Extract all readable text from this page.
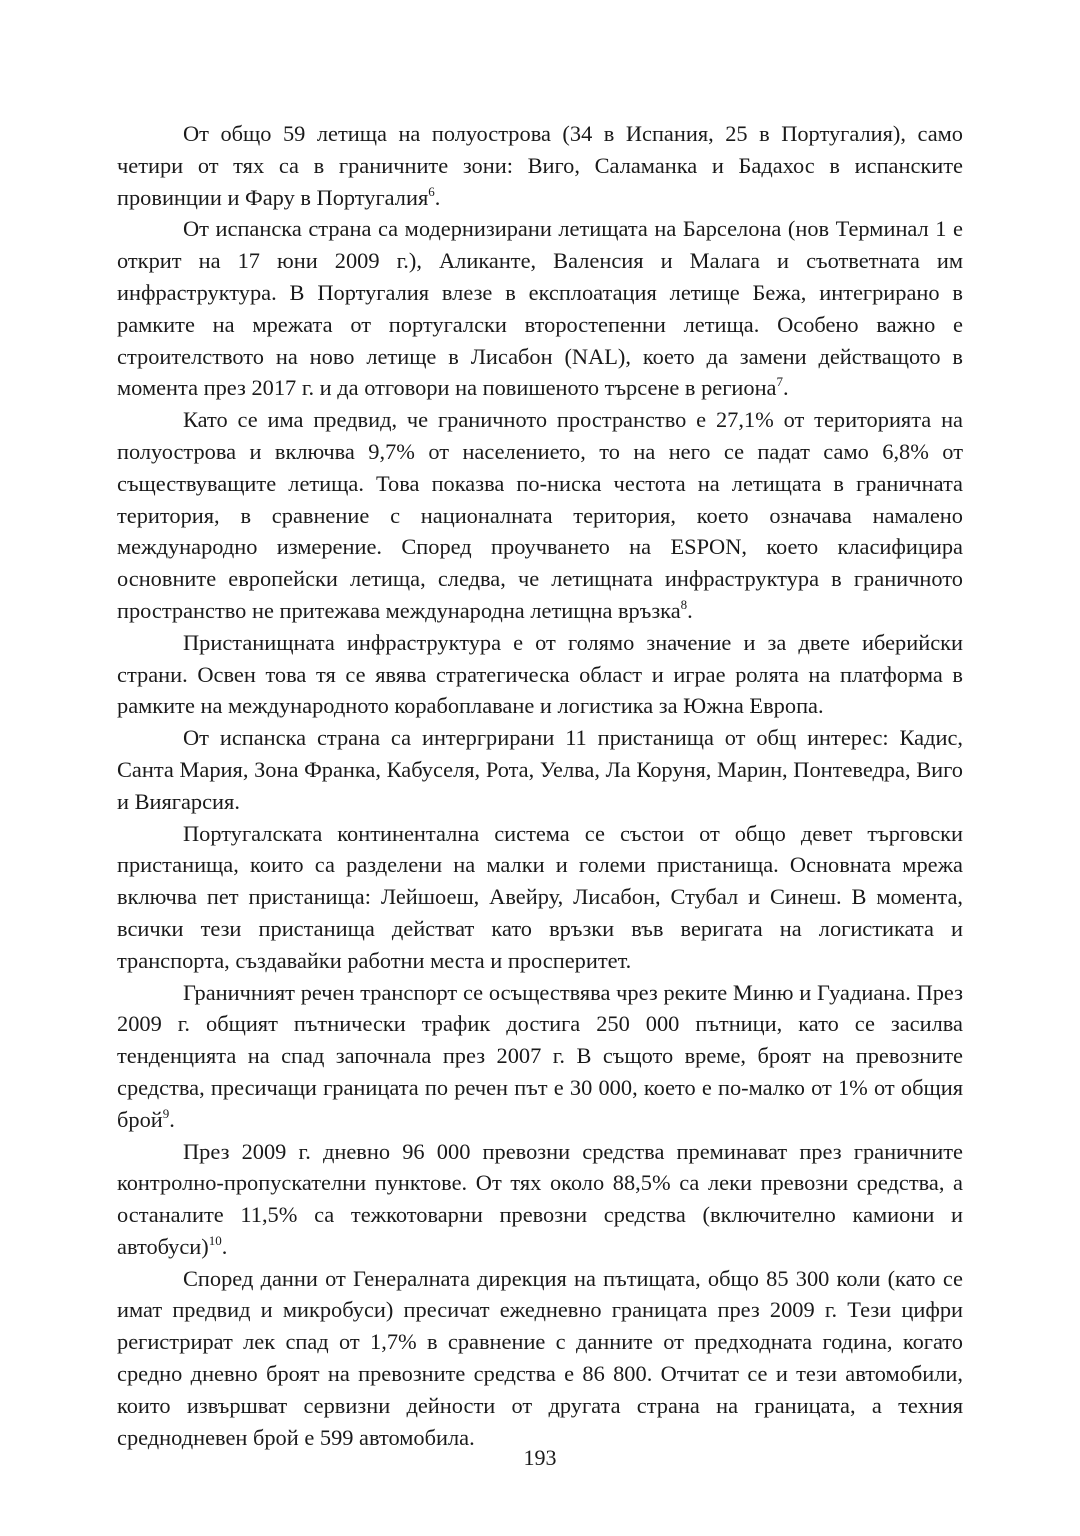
От общо 59 летища на полуострова (34 в Испания, 25 в Португалия), само четири от тях са в граничните зони: Виго, Саламанка и Бадахос в испанските провинции и Фару в Португалия$^6$.

От испанска страна са модернизирани летищата на Барселона (нов Терминал 1 е открит на 17 юни 2009 г.), Аликанте, Валенсия и Малага и съответната им инфраструктура. В Португалия влезе в експлоатация летище Бежа, интегрирано в рамките на мрежата от португалски второстепенни летища. Особено важно е строителството на ново летище в Лисабон (NAL), което да замени действащото в момента през 2017 г. и да отговори на повишеното търсене в региона$^7$.

Като се има предвид, че граничното пространство е 27,1% от територията на полуострова и включва 9,7% от населението, то на него се падат само 6,8% от съществуващите летища. Това показва по-ниска честота на летищата в граничната територия, в сравнение с националната територия, което означава намалено международно измерение. Според проучването на ESPON, което класифицира основните европейски летища, следва, че летищната инфраструктура в граничното пространство не притежава международна летищна връзка$^8$.

Пристанищната инфраструктура е от голямо значение и за двете иберийски страни. Освен това тя се явява стратегическа област и играе ролята на платформа в рамките на международното корабоплаване и логистика за Южна Европа.

От испанска страна са интергрирани 11 пристанища от общ интерес: Кадис, Санта Мария, Зона Франка, Кабуселя, Рота, Уелва, Ла Коруня, Марин, Понтеведра, Виго и Виягарсия.

Португалската континентална система се състои от общо девет търговски пристанища, които са разделени на малки и големи пристанища. Основната мрежа включва пет пристанища: Лейшоеш, Авейру, Лисабон, Стубал и Синеш. В момента, всички тези пристанища действат като връзки във веригата на логистиката и транспорта, създавайки работни места и просперитет.

Граничният речен транспорт се осъществява чрез реките Миню и Гуадиана. През 2009 г. общият пътнически трафик достига 250 000 пътници, като се засилва тенденцията на спад започнала през 2007 г. В същото време, броят на превозните средства, пресичащи границата по речен път е 30 000, което е по-малко от 1% от общия брой$^9$.

През 2009 г. дневно 96 000 превозни средства преминават през граничните контролно-пропускателни пунктове. От тях около 88,5% са леки превозни средства, а останалите 11,5% са тежкотоварни превозни средства (включително камиони и автобуси)$^{10}$.

Според данни от Генералната дирекция на пътищата, общо 85 300 коли (като се имат предвид и микробуси) пресичат ежедневно границата през 2009 г. Тези цифри регистрират лек спад от 1,7% в сравнение с данните от предходната година, когато средно дневно броят на превозните средства е 86 800. Отчитат се и тези автомобили, които извършват сервизни дейности от другата страна на границата, а техния среднодневен брой е 599 автомобила.

193
